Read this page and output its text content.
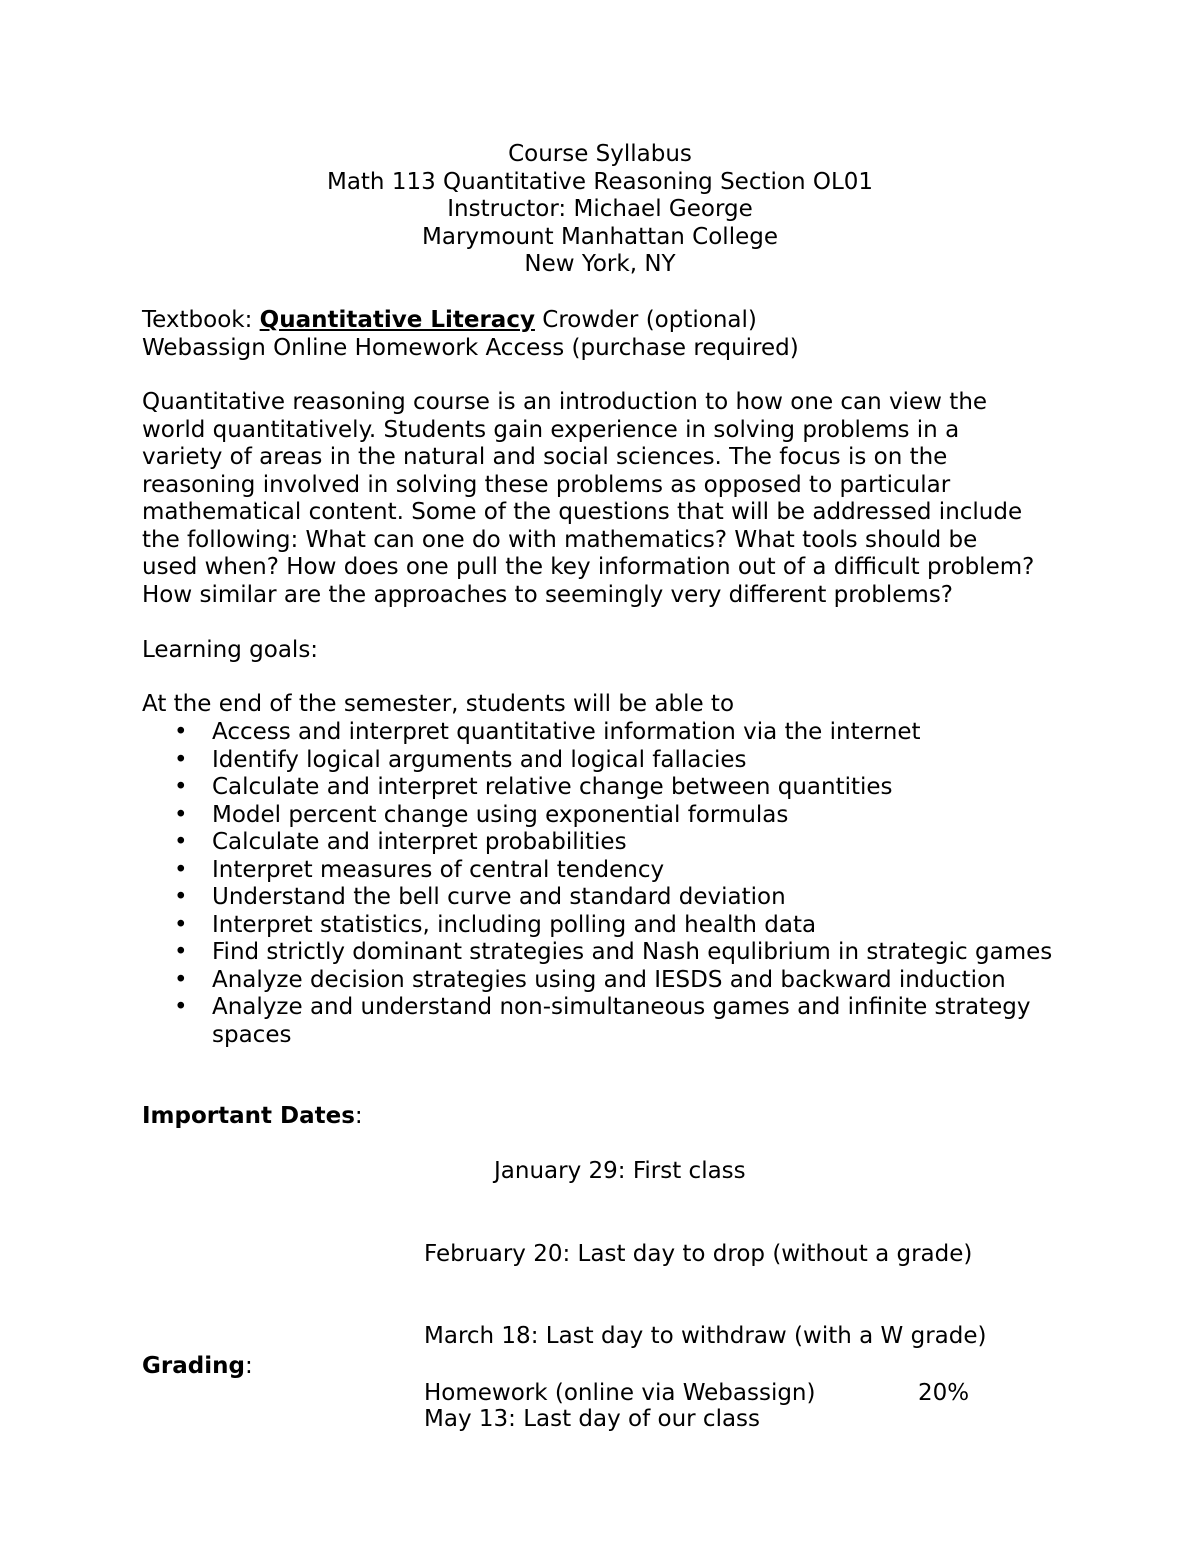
Course Syllabus
Math 113 Quantitative Reasoning Section OL01
Instructor: Michael George
Marymount Manhattan College
New York, NY
Textbook: Quantitative Literacy Crowder (optional)
Webassign Online Homework Access (purchase required)
Quantitative reasoning course is an introduction to how one can view the
world quantitatively. Students gain experience in solving problems in a
variety of areas in the natural and social sciences. The focus is on the
reasoning involved in solving these problems as opposed to particular
mathematical content. Some of the questions that will be addressed include
the following: What can one do with mathematics? What tools should be
used when? How does one pull the key information out of a difficult problem?
How similar are the approaches to seemingly very different problems?
Learning goals:
At the end of the semester, students will be able to
• Access and interpret quantitative information via the internet
• Identify logical arguments and logical fallacies
• Calculate and interpret relative change between quantities
• Model percent change using exponential formulas
• Calculate and interpret probabilities
• Interpret measures of central tendency
• Understand the bell curve and standard deviation
• Interpret statistics, including polling and health data
• Find strictly dominant strategies and Nash equlibrium in strategic games
• Analyze decision strategies using and IESDS and backward induction
• Analyze and understand non-simultaneous games and infinite strategy spaces
Important Dates:

January 29: First class

February 20: Last day to drop (without a grade)

March 18: Last day to withdraw (with a W grade)

May 13: Last day of our class

Grading:
Homework (online via Webassign)	20%
